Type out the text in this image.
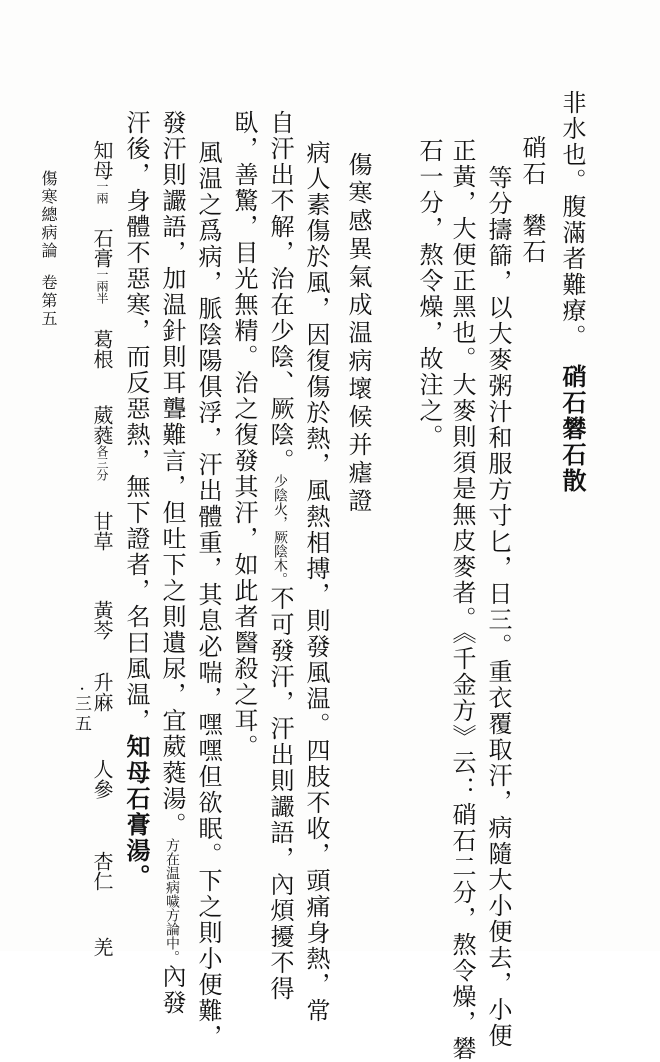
非水也。腹滿者難療。硝石礬石散
硝石　礬石
等分擣篩，以大麥粥汁和服方寸匕，日三。重衣覆取汗，病隨大小便去，小便
正黃，大便正黑也。大麥則須是無皮麥者。《千金方》云：硝石二分，熬令燥，礬
石一分，熬令燥，故注之。
傷寒感異氣成温病壞候并瘧證
病人素傷於風，因復傷於熱，風熱相搏，則發風温。四肢不收，頭痛身熱，常
自汗出不解，治在少陰、厥陰。少陰火，厥陰木。不可發汗，汗出則讝語，內煩擾不得
臥，善驚，目光無精。治之復發其汗，如此者醫殺之耳。
風温之爲病，脈陰陽俱浮，汗出體重，其息必喘，嘿嘿但欲眠。下之則小便難，
發汗則讝語，加温針則耳聾難言，但吐下之則遺尿，宜葳蕤湯。方在温病噦方論中。內發
汗後，身體不惡寒，而反惡熱，無下證者，名曰風温，知母石膏湯。
知母一兩 石膏一兩半 葛根 葳蕤各三分 甘草 黃芩 升麻 人參 杏仁 羌
傷寒總病論卷第五
·三五
